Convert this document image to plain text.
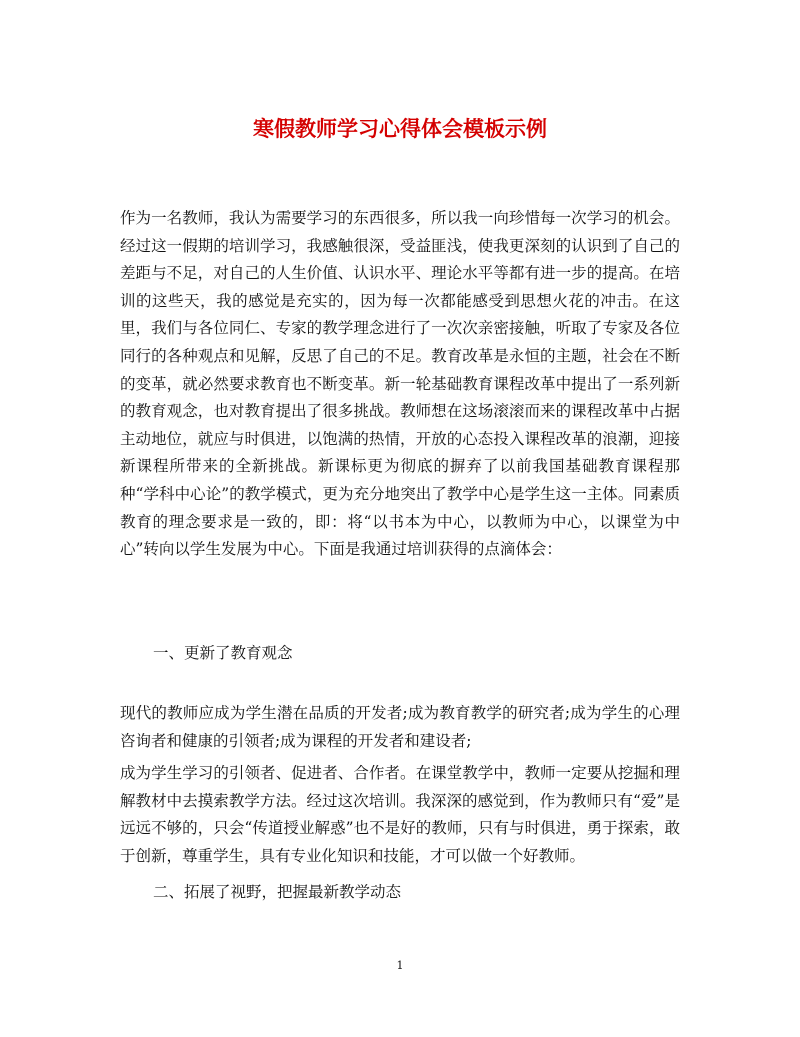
寒假教师学习心得体会模板示例

作为一名教师，我认为需要学习的东西很多，所以我一向珍惜每一次学习的机会。经过这一假期的培训学习，我感触很深，受益匪浅，使我更深刻的认识到了自己的差距与不足，对自己的人生价值、认识水平、理论水平等都有进一步的提高。在培训的这些天，我的感觉是充实的，因为每一次都能感受到思想火花的冲击。在这里，我们与各位同仁、专家的教学理念进行了一次次亲密接触，听取了专家及各位同行的各种观点和见解，反思了自己的不足。教育改革是永恒的主题，社会在不断的变革，就必然要求教育也不断变革。新一轮基础教育课程改革中提出了一系列新的教育观念，也对教育提出了很多挑战。教师想在这场滚滚而来的课程改革中占据主动地位，就应与时俱进，以饱满的热情，开放的心态投入课程改革的浪潮，迎接新课程所带来的全新挑战。新课标更为彻底的摒弃了以前我国基础教育课程那种“学科中心论”的教学模式，更为充分地突出了教学中心是学生这一主体。同素质教育的理念要求是一致的，即：将“以书本为中心，以教师为中心，以课堂为中心”转向以学生发展为中心。下面是我通过培训获得的点滴体会：

一、更新了教育观念

现代的教师应成为学生潜在品质的开发者;成为教育教学的研究者;成为学生的心理咨询者和健康的引领者;成为课程的开发者和建设者;

成为学生学习的引领者、促进者、合作者。在课堂教学中，教师一定要从挖掘和理解教材中去摸索教学方法。经过这次培训。我深深的感觉到，作为教师只有“爱”是远远不够的，只会“传道授业解惑”也不是好的教师，只有与时俱进，勇于探索，敢于创新，尊重学生，具有专业化知识和技能，才可以做一个好教师。

二、拓展了视野，把握最新教学动态

1
